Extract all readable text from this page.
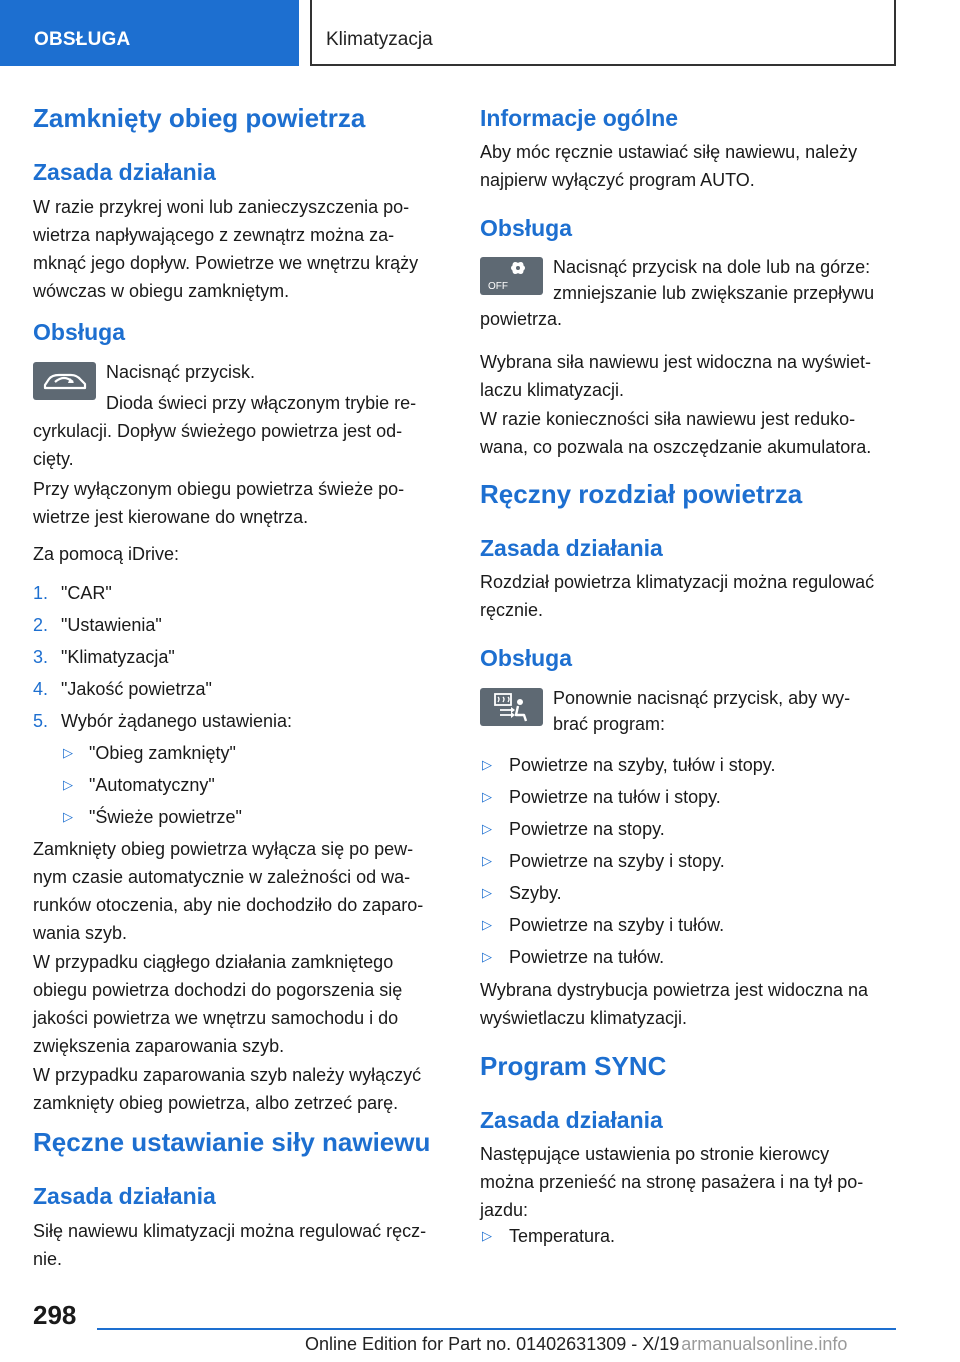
OBSŁUGA	Klimatyzacja
Zamknięty obieg powietrza
Zasada działania

W razie przykrej woni lub zanieczyszczenia po-

wietrza napływającego z zewnątrz można za-

mknąć jego dopływ. Powietrze we wnętrzu krąży

wówczas w obiegu zamkniętym.

Obsługa

Nacisnąć przycisk.

Dioda świeci przy włączonym trybie re-

cyrkulacji. Dopływ świeżego powietrza jest od-

cięty.

Przy wyłączonym obiegu powietrza świeże po-

wietrze jest kierowane do wnętrza.

Za pomocą iDrive:

1. "CAR"
2. "Ustawienia"
3. "Klimatyzacja"
4. "Jakość powietrza"
5. Wybór żądanego ustawienia:
▷ "Obieg zamknięty"
▷ "Automatyczny"
▷ "Świeże powietrze"

Zamknięty obieg powietrza wyłącza się po pew-

nym czasie automatycznie w zależności od wa-

runków otoczenia, aby nie dochodziło do zaparo-

wania szyb.

W przypadku ciągłego działania zamkniętego

obiegu powietrza dochodzi do pogorszenia się

jakości powietrza we wnętrzu samochodu i do

zwiększenia zaparowania szyb.

W przypadku zaparowania szyb należy wyłączyć

zamknięty obieg powietrza, albo zetrzeć parę.

Ręczne ustawianie siły nawiewu
Zasada działania

Siłę nawiewu klimatyzacji można regulować ręcz-

nie.

Informacje ogólne

Aby móc ręcznie ustawiać siłę nawiewu, należy

najpierw wyłączyć program AUTO.

Obsługa
OFF

Nacisnąć przycisk na dole lub na górze:

zmniejszanie lub zwiększanie przepływu

powietrza.

Wybrana siła nawiewu jest widoczna na wyświet-

laczu klimatyzacji.

W razie konieczności siła nawiewu jest reduko-

wana, co pozwala na oszczędzanie akumulatora.

Ręczny rozdział powietrza
Zasada działania

Rozdział powietrza klimatyzacji można regulować

ręcznie.

Obsługa

Ponownie nacisnąć przycisk, aby wy-

brać program:

▷ Powietrze na szyby, tułów i stopy.
▷ Powietrze na tułów i stopy.
▷ Powietrze na stopy.
▷ Powietrze na szyby i stopy.
▷ Szyby.
▷ Powietrze na szyby i tułów.
▷ Powietrze na tułów.

Wybrana dystrybucja powietrza jest widoczna na

wyświetlaczu klimatyzacji.

Program SYNC
Zasada działania

Następujące ustawienia po stronie kierowcy

można przenieść na stronę pasażera i na tył po-

jazdu:

▷ Temperatura.
298
Online Edition for Part no. 01402631309 - X/19 armanualsonline.info
